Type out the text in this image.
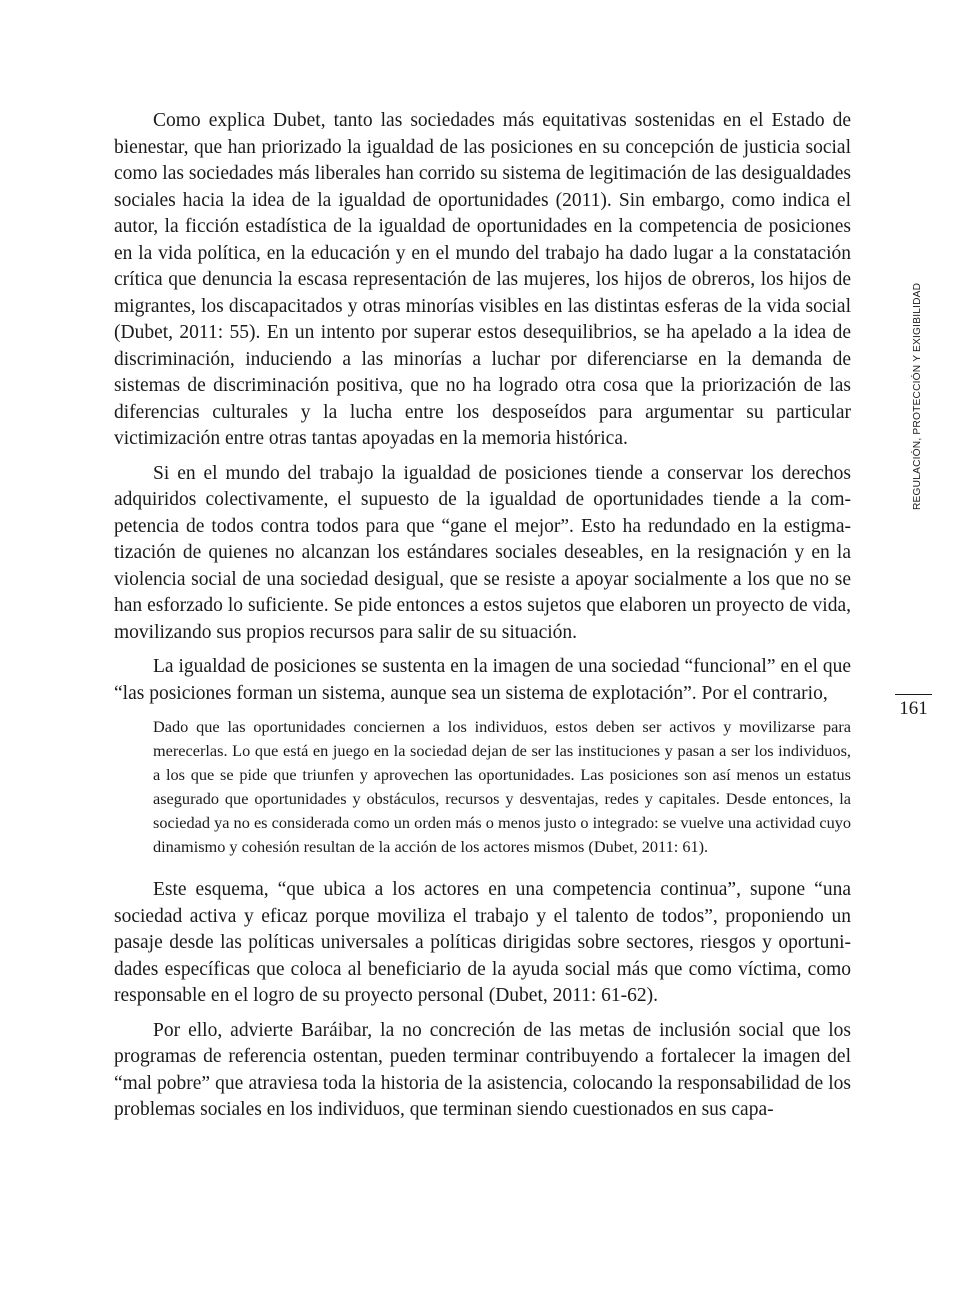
Como explica Dubet, tanto las sociedades más equitativas sostenidas en el Estado de bienestar, que han priorizado la igualdad de las posiciones en su concepción de justicia social como las sociedades más liberales han corrido su sistema de legitimación de las desigualdades sociales hacia la idea de la igualdad de oportunidades (2011). Sin embargo, como indica el autor, la ficción estadística de la igualdad de oportunidades en la competencia de posiciones en la vida política, en la educación y en el mundo del trabajo ha dado lugar a la constatación crítica que denuncia la escasa representación de las mujeres, los hijos de obreros, los hijos de migrantes, los discapacitados y otras minorías visibles en las distintas esferas de la vida social (Dubet, 2011: 55). En un intento por superar estos desequilibrios, se ha apelado a la idea de discriminación, induciendo a las minorías a luchar por diferenciarse en la demanda de sistemas de discriminación positiva, que no ha logrado otra cosa que la priorización de las diferencias culturales y la lucha entre los desposeídos para argumentar su particular victimización entre otras tantas apoyadas en la memoria histórica.

Si en el mundo del trabajo la igualdad de posiciones tiende a conservar los derechos adquiridos colectivamente, el supuesto de la igualdad de oportunidades tiende a la competencia de todos contra todos para que “gane el mejor”. Esto ha redundado en la estigmatización de quienes no alcanzan los estándares sociales deseables, en la resignación y en la violencia social de una sociedad desigual, que se resiste a apoyar socialmente a los que no se han esforzado lo suficiente. Se pide entonces a estos sujetos que elaboren un proyecto de vida, movilizando sus propios recursos para salir de su situación.

La igualdad de posiciones se sustenta en la imagen de una sociedad “funcional” en el que “las posiciones forman un sistema, aunque sea un sistema de explotación”. Por el contrario,

Dado que las oportunidades conciernen a los individuos, estos deben ser activos y movilizarse para merecerlas. Lo que está en juego en la sociedad dejan de ser las instituciones y pasan a ser los individuos, a los que se pide que triunfen y aprovechen las oportunidades. Las posiciones son así menos un estatus asegurado que oportunidades y obstáculos, recursos y desventajas, redes y capitales. Desde entonces, la sociedad ya no es considerada como un orden más o menos justo o integrado: se vuelve una actividad cuyo dinamismo y cohesión resultan de la acción de los actores mismos (Dubet, 2011: 61).

Este esquema, “que ubica a los actores en una competencia continua”, supone “una sociedad activa y eficaz porque moviliza el trabajo y el talento de todos”, proponiendo un pasaje desde las políticas universales a políticas dirigidas sobre sectores, riesgos y oportunidades específicas que coloca al beneficiario de la ayuda social más que como víctima, como responsable en el logro de su proyecto personal (Dubet, 2011: 61-62).

Por ello, advierte Baráibar, la no concreción de las metas de inclusión social que los programas de referencia ostentan, pueden terminar contribuyendo a fortalecer la imagen del “mal pobre” que atraviesa toda la historia de la asistencia, colocando la responsabilidad de los problemas sociales en los individuos, que terminan siendo cuestionados en sus capa-

REGULACIÓN, PROTECCIÓN Y EXIGIBILIDAD
161
